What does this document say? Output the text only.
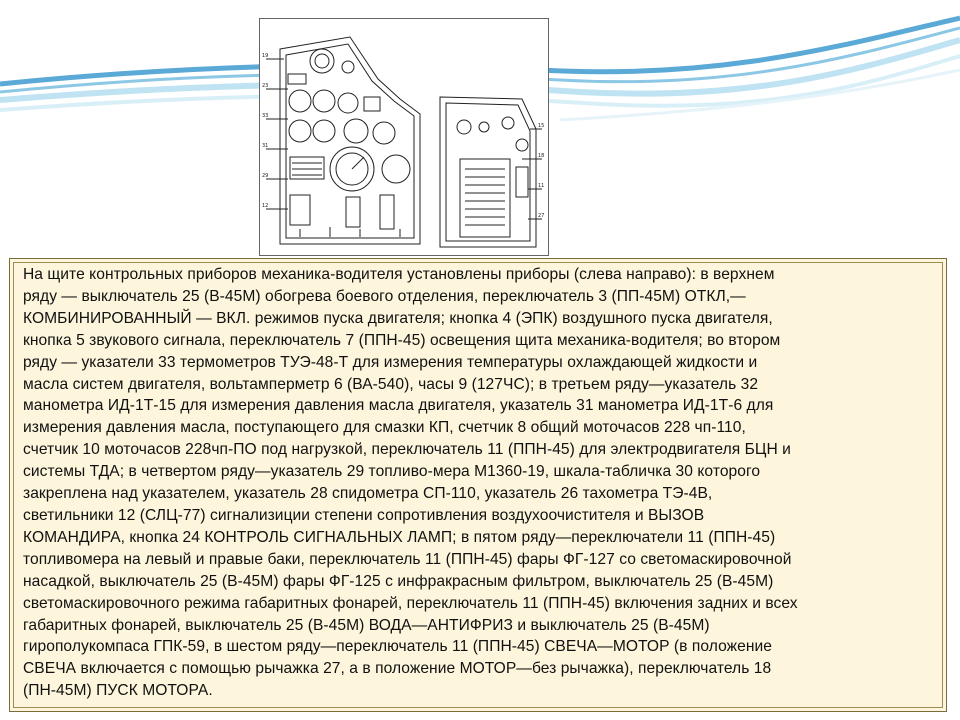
19
23
33
31
29
12
15
18
11
27

На щите контрольных приборов механика-водителя установлены приборы (слева направо): в верхнем

ряду — выключатель 25 (В-45М) обогрева боевого отделения, переключатель 3 (ПП-45М) ОТКЛ,—

КОМБИНИРОВАННЫЙ — ВКЛ. режимов пуска двигателя; кнопка 4 (ЭПК) воздушного пуска двигателя,

кнопка 5 звукового сигнала, переключатель 7 (ППН-45) освещения щита механика-водителя; во втором

ряду — указатели 33 термометров ТУЭ-48-Т для измерения температуры охлаждающей жидкости и

масла систем двигателя, вольтамперметр 6 (ВА-540), часы 9 (127ЧС); в третьем ряду—указатель 32

манометра ИД-1Т-15 для измерения давления масла двигателя, указатель 31 манометра ИД-1Т-6 для

измерения давления масла, поступающего для смазки КП, счетчик 8 общий моточасов 228 чп-110,

счетчик 10 моточасов 228чп-ПО под нагрузкой, переключатель 11 (ППН-45) для электродвигателя БЦН и

системы ТДА; в четвертом ряду—указатель 29 топливо-мера М1360-19, шкала-табличка 30 которого

закреплена над указателем, указатель 28 спидометра СП-110, указатель 26 тахометра ТЭ-4В,

светильники 12 (СЛЦ-77) сигнализиции степени сопротивления воздухоочистителя и ВЫЗОВ

КОМАНДИРА, кнопка 24 КОНТРОЛЬ СИГНАЛЬНЫХ ЛАМП; в пятом ряду—переключатели 11 (ППН-45)

топливомера на левый и правые баки, переключатель 11 (ППН-45) фары ФГ-127 со светомаскировочной

насадкой, выключатель 25 (В-45М) фары ФГ-125 с инфракрасным фильтром, выключатель 25 (В-45М)

светомаскировочного режима габаритных фонарей, переключатель 11 (ППН-45) включения задних и всех

габаритных фонарей, выключатель 25 (В-45М) ВОДА—АНТИФРИЗ и выключатель 25 (В-45М)

гирополукомпаса ГПК-59, в шестом ряду—переключатель 11 (ППН-45) СВЕЧА—МОТОР (в положение

СВЕЧА включается с помощью рычажка 27, а в положение МОТОР—без рычажка), переключатель 18

(ПН-45М) ПУСК МОТОРА.
